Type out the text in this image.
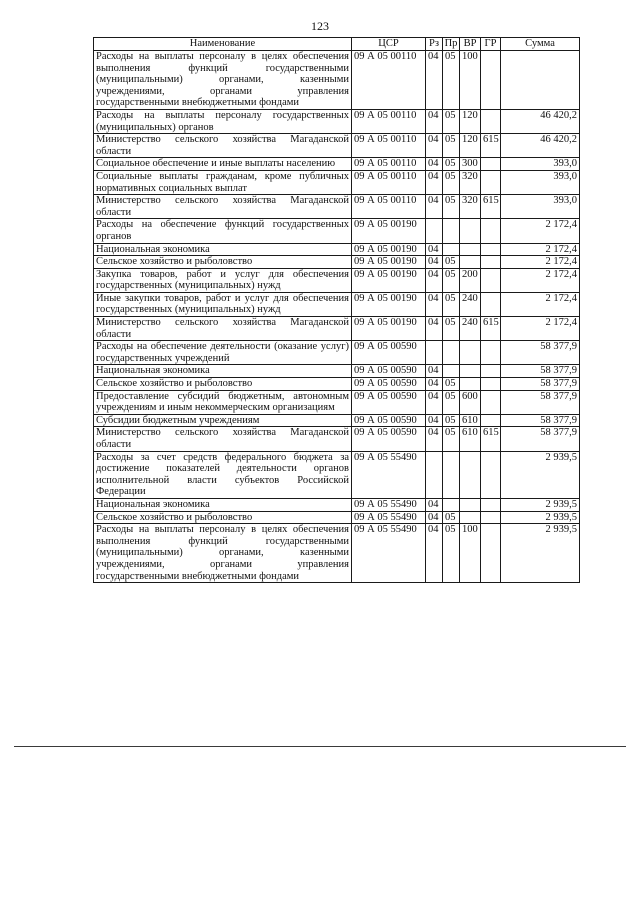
123
Наименование	ЦСР	Рз	Пр	ВР	ГР	Сумма
Расходы на выплаты персоналу в целях обеспечения выполнения функций государственными (муниципальными) органами, казенными учреждениями, органами управления государственными внебюджетными фондами	09 А 05 00110	04	05	100		
Расходы на выплаты персоналу государственных (муниципальных) органов	09 А 05 00110	04	05	120		46 420,2
Министерство сельского хозяйства Магаданской области	09 А 05 00110	04	05	120	615	46 420,2
Социальное обеспечение и иные выплаты населению	09 А 05 00110	04	05	300		393,0
Социальные выплаты гражданам, кроме публичных нормативных социальных выплат	09 А 05 00110	04	05	320		393,0
Министерство сельского хозяйства Магаданской области	09 А 05 00110	04	05	320	615	393,0
Расходы на обеспечение функций государственных органов	09 А 05 00190					2 172,4
Национальная экономика	09 А 05 00190	04				2 172,4
Сельское хозяйство и рыболовство	09 А 05 00190	04	05			2 172,4
Закупка товаров, работ и услуг для обеспечения государственных (муниципальных) нужд	09 А 05 00190	04	05	200		2 172,4
Иные закупки товаров, работ и услуг для обеспечения государственных (муниципальных) нужд	09 А 05 00190	04	05	240		2 172,4
Министерство сельского хозяйства Магаданской области	09 А 05 00190	04	05	240	615	2 172,4
Расходы на обеспечение деятельности (оказание услуг) государственных учреждений	09 А 05 00590					58 377,9
Национальная экономика	09 А 05 00590	04				58 377,9
Сельское хозяйство и рыболовство	09 А 05 00590	04	05			58 377,9
Предоставление субсидий бюджетным, автономным учреждениям и иным некоммерческим организациям	09 А 05 00590	04	05	600		58 377,9
Субсидии бюджетным учреждениям	09 А 05 00590	04	05	610		58 377,9
Министерство сельского хозяйства Магаданской области	09 А 05 00590	04	05	610	615	58 377,9
Расходы за счет средств федерального бюджета за достижение показателей деятельности органов исполнительной власти субъектов Российской Федерации	09 А 05 55490					2 939,5
Национальная экономика	09 А 05 55490	04				2 939,5
Сельское хозяйство и рыболовство	09 А 05 55490	04	05			2 939,5
Расходы на выплаты персоналу в целях обеспечения выполнения функций государственными (муниципальными) органами, казенными учреждениями, органами управления государственными внебюджетными фондами	09 А 05 55490	04	05	100		2 939,5
